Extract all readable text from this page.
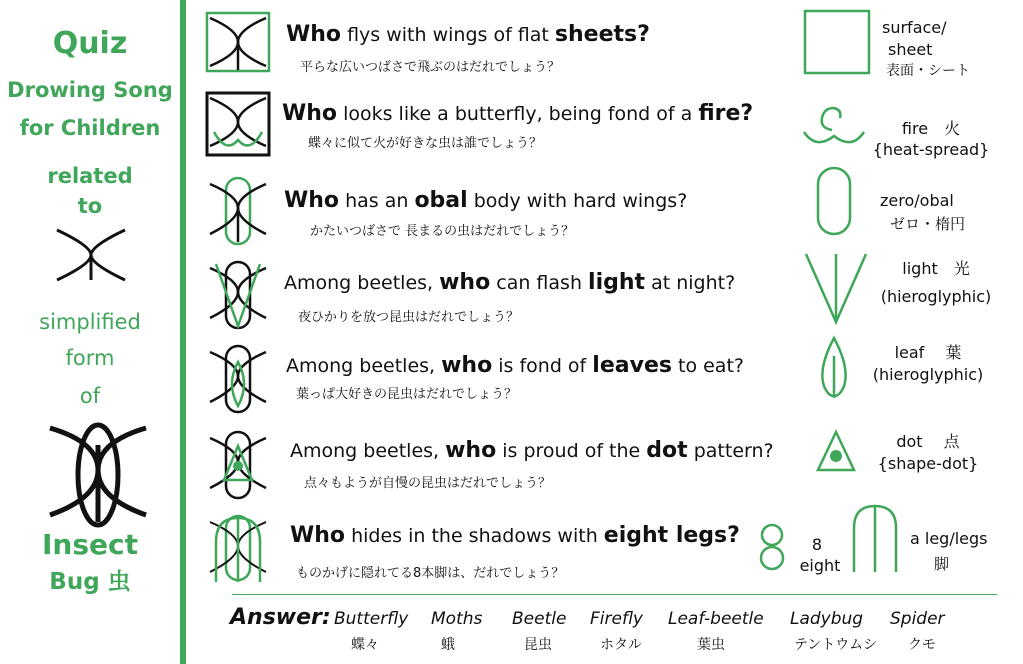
Quiz
Drowing Song
for Children
related
to
simplified
form
of
Insect
Bug 虫
Who flys with wings of flat sheets?
平らな広いつばさで飛ぶのはだれでしょう？
Who looks like a butterfly, being fond of a fire?
蝶々に似て火が好きな虫は誰でしょう？
Who has an obal body with hard wings?
かたいつばさで 長まるの虫はだれでしょう？
Among beetles, who can flash light at night?
夜ひかりを放つ昆虫はだれでしょう？
Among beetles, who is fond of leaves to eat?
葉っぱ大好きの昆虫はだれでしょう？
Among beetles, who is proud of the dot pattern?
点々もようが自慢の昆虫はだれでしょう？
Who hides in the shadows with eight legs?
ものかげに隠れてる8本脚は、だれでしょう？
surface/
sheet
表面・シート
fire　火
{heat-spread}
zero/obal
ゼロ・楕円
light　光
(hieroglyphic)
leaf　 葉
(hieroglyphic)
dot　 点
{shape-dot}
8
eight
a leg/legs
脚
Answer: Butterfly
蝶々
Moths
蛾
Beetle
昆虫
Firefly
ホタル
Leaf-beetle
葉虫
Ladybug
テントウムシ
Spider
クモ
